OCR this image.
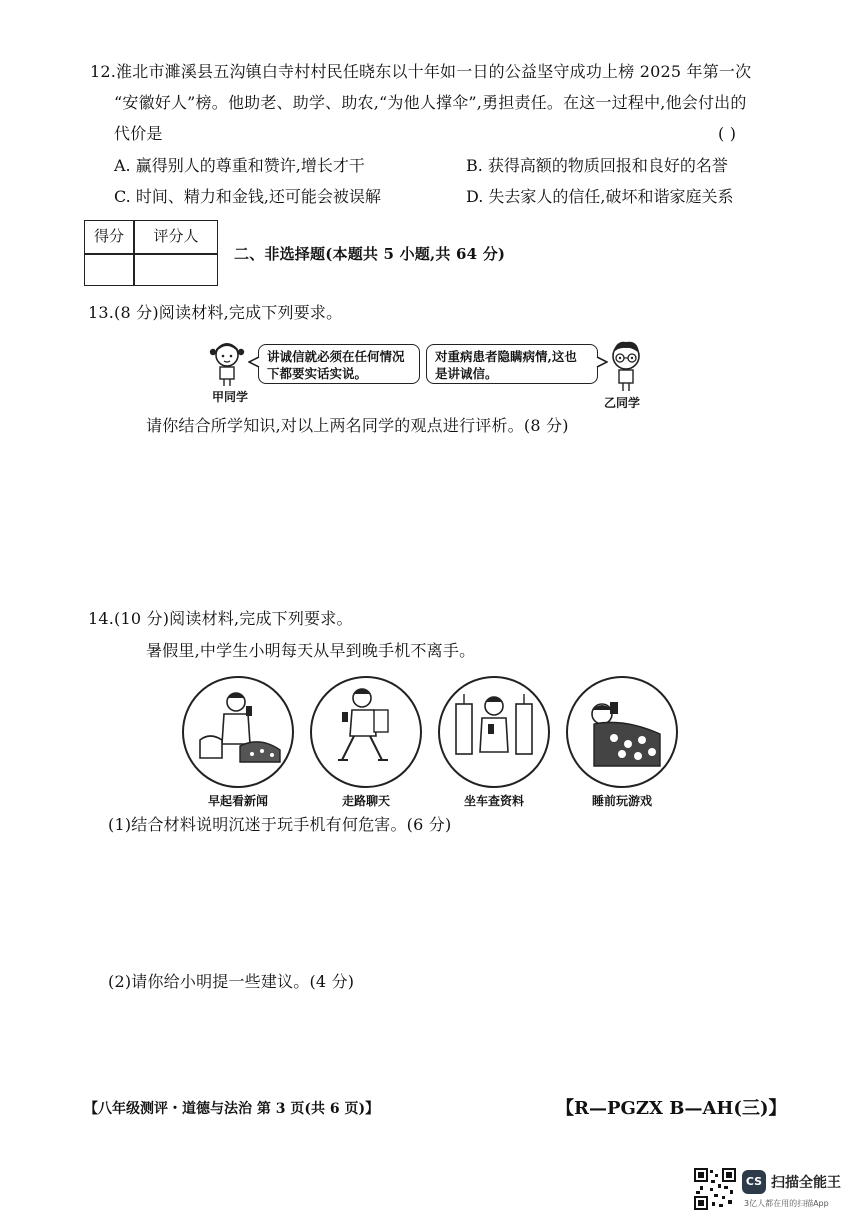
12.淮北市濉溪县五沟镇白寺村村民任晓东以十年如一日的公益坚守成功上榜 2025 年第一次
“安徽好人”榜。他助老、助学、助农,“为他人撑伞”,勇担责任。在这一过程中,他会付出的
代价是	( )
A. 赢得别人的尊重和赞许,增长才干	B. 获得高额的物质回报和良好的名誉
C. 时间、精力和金钱,还可能会被误解	D. 失去家人的信任,破坏和谐家庭关系
得分	评分人
二、非选择题(本题共 5 小题,共 64 分)
13.(8 分)阅读材料,完成下列要求。
甲同学
讲诚信就必须在任何情况下都要实话实说。
对重病患者隐瞒病情,这也是讲诚信。
乙同学
请你结合所学知识,对以上两名同学的观点进行评析。(8 分)
14.(10 分)阅读材料,完成下列要求。
暑假里,中学生小明每天从早到晚手机不离手。
早起看新闻	走路聊天	坐车查资料	睡前玩游戏
(1)结合材料说明沉迷于玩手机有何危害。(6 分)
(2)请你给小明提一些建议。(4 分)
【八年级测评・道德与法治 第 3 页(共 6 页)】	【R—PGZX B—AH(三)】
CS 扫描全能王
3亿人都在用的扫描App
